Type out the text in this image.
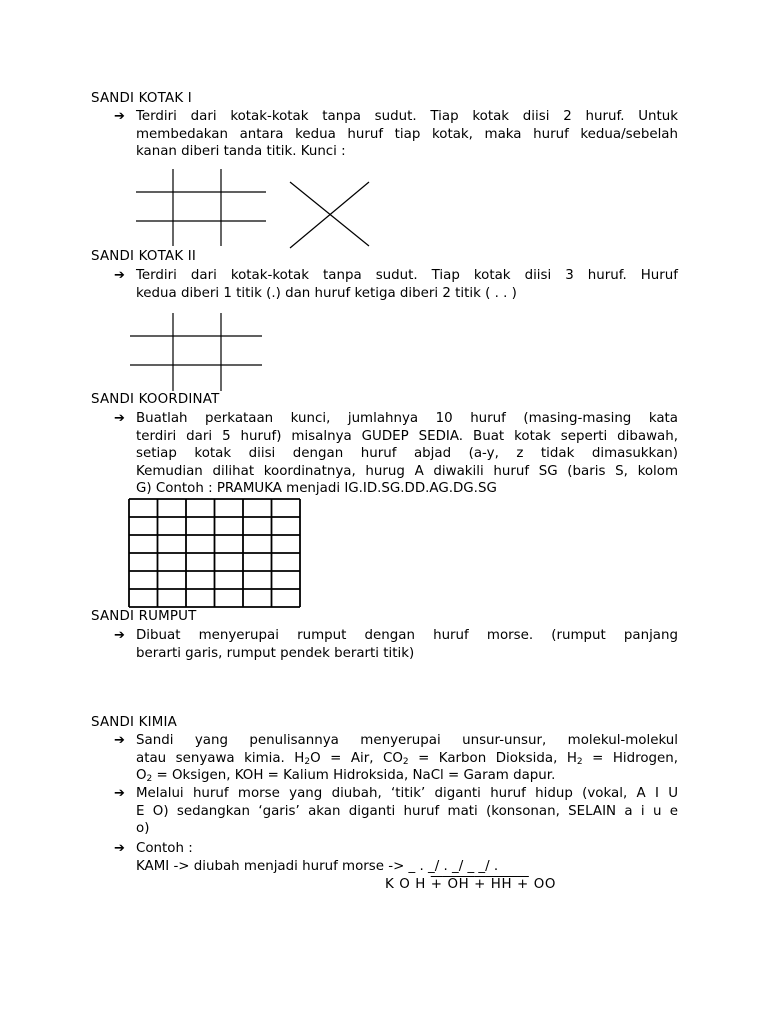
SANDI KOTAK I
➔ Terdiri dari kotak-kotak tanpa sudut. Tiap kotak diisi 2 huruf. Untuk
membedakan antara kedua huruf tiap kotak, maka huruf kedua/sebelah
kanan diberi tanda titik. Kunci :
SANDI KOTAK II
➔ Terdiri dari kotak-kotak tanpa sudut. Tiap kotak diisi 3 huruf. Huruf
kedua diberi 1 titik (.) dan huruf ketiga diberi 2 titik ( . . )
SANDI KOORDINAT
➔ Buatlah perkataan kunci, jumlahnya 10 huruf (masing-masing kata
terdiri dari 5 huruf) misalnya GUDEP SEDIA. Buat kotak seperti dibawah,
setiap kotak diisi dengan huruf abjad (a-y, z tidak dimasukkan)
Kemudian dilihat koordinatnya, hurug A diwakili huruf SG (baris S, kolom
G) Contoh : PRAMUKA menjadi IG.ID.SG.DD.AG.DG.SG
SANDI RUMPUT
➔ Dibuat menyerupai rumput dengan huruf morse. (rumput panjang
berarti garis, rumput pendek berarti titik)
SANDI KIMIA
➔ Sandi yang penulisannya menyerupai unsur-unsur, molekul-molekul
atau senyawa kimia. $H_2O$ = Air, $CO_2$ = Karbon Dioksida, $H_2$ = Hidrogen,
$O_2$ = Oksigen, KOH = Kalium Hidroksida, NaCl = Garam dapur.
➔ Melalui huruf morse yang diubah, ‘titik’ diganti huruf hidup (vokal, A I U
E O) sedangkan ‘garis’ akan diganti huruf mati (konsonan, SELAIN a i u e
o)
➔ Contoh :
KAMI -> diubah menjadi huruf morse -> _ . _/ . _/ _ _/ .
K O H + OH + HH + OO
